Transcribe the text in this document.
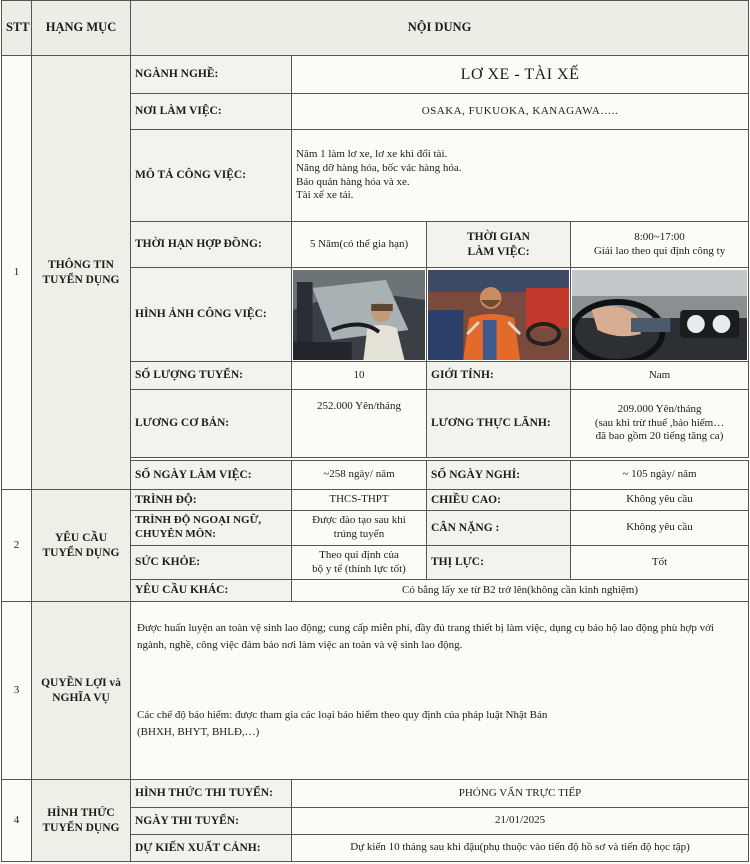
STT	HẠNG MỤC	NỘI DUNG			
1	THÔNG TIN
TUYỂN DỤNG	NGÀNH NGHỀ:	LƠ XE - TÀI XẾ		
		NƠI LÀM VIỆC:	OSAKA, FUKUOKA, KANAGAWA…..		
		MÔ TẢ CÔNG VIỆC:	Năm 1 làm lơ xe, lơ xe khi đổi tài.
Nâng dỡ hàng hóa, bốc vác hàng hóa.
Bảo quản hàng hóa và xe.
Tài xế xe tải.		

		THỜI HẠN HỢP ĐỒNG:	5 Năm(có thể gia hạn)	THỜI GIAN
LÀM VIỆC:	8:00~17:00
Giải lao theo qui định công ty

		HÌNH ẢNH CÔNG VIỆC:	

		SỐ LƯỢNG TUYỂN:	10	GIỚI TÍNH:	Nam
		LƯƠNG CƠ BẢN:	252.000 Yên/tháng	LƯƠNG THỰC LÃNH:	209.000 Yên/tháng
(sau khi trừ thuế ,bảo hiểm…
đã bao gồm 20 tiếng tăng ca)

		SỐ NGÀY LÀM VIỆC:	~258 ngày/ năm	SỐ NGÀY NGHỈ:	~ 105 ngày/ năm
2	YÊU CẦU
TUYỂN DỤNG	TRÌNH ĐỘ:	THCS-THPT	CHIỀU CAO:	Không yêu cầu

		TRÌNH ĐỘ NGOẠI NGỮ,
CHUYÊN MÔN:	Được đào tạo sau khi
trúng tuyển	CÂN NẶNG :	Không yêu cầu
		SỨC KHỎE:	Theo qui định của
bộ y tế (thính lực tốt)	THỊ LỰC:	Tốt
		YÊU CẦU KHÁC:	Có bằng lấy xe từ B2 trở lên(không cần kinh nghiệm)		
3	QUYỀN LỢI và
NGHĨA VỤ	Được huấn luyện an toàn vệ sinh lao động; cung cấp miễn phí, đầy đủ trang thiết bị làm việc, dụng cụ bảo hộ lao động phù hợp với ngành, nghề, công việc đảm bảo nơi làm việc an toàn và vệ sinh lao động.
Các chế độ bảo hiểm: được tham gia các loại bảo hiểm theo quy định của pháp luật Nhật Bản
(BHXH, BHYT, BHLĐ,…)			

4	HÌNH THỨC
TUYỂN DỤNG	HÌNH THỨC THI TUYỂN:	PHỎNG VẤN TRỰC TIẾP		
		NGÀY THI TUYỂN:	21/01/2025		
		DỰ KIẾN XUẤT CẢNH:	Dự kiến 10 tháng sau khi đậu(phụ thuộc vào tiến độ hồ sơ và tiến độ học tập)		
